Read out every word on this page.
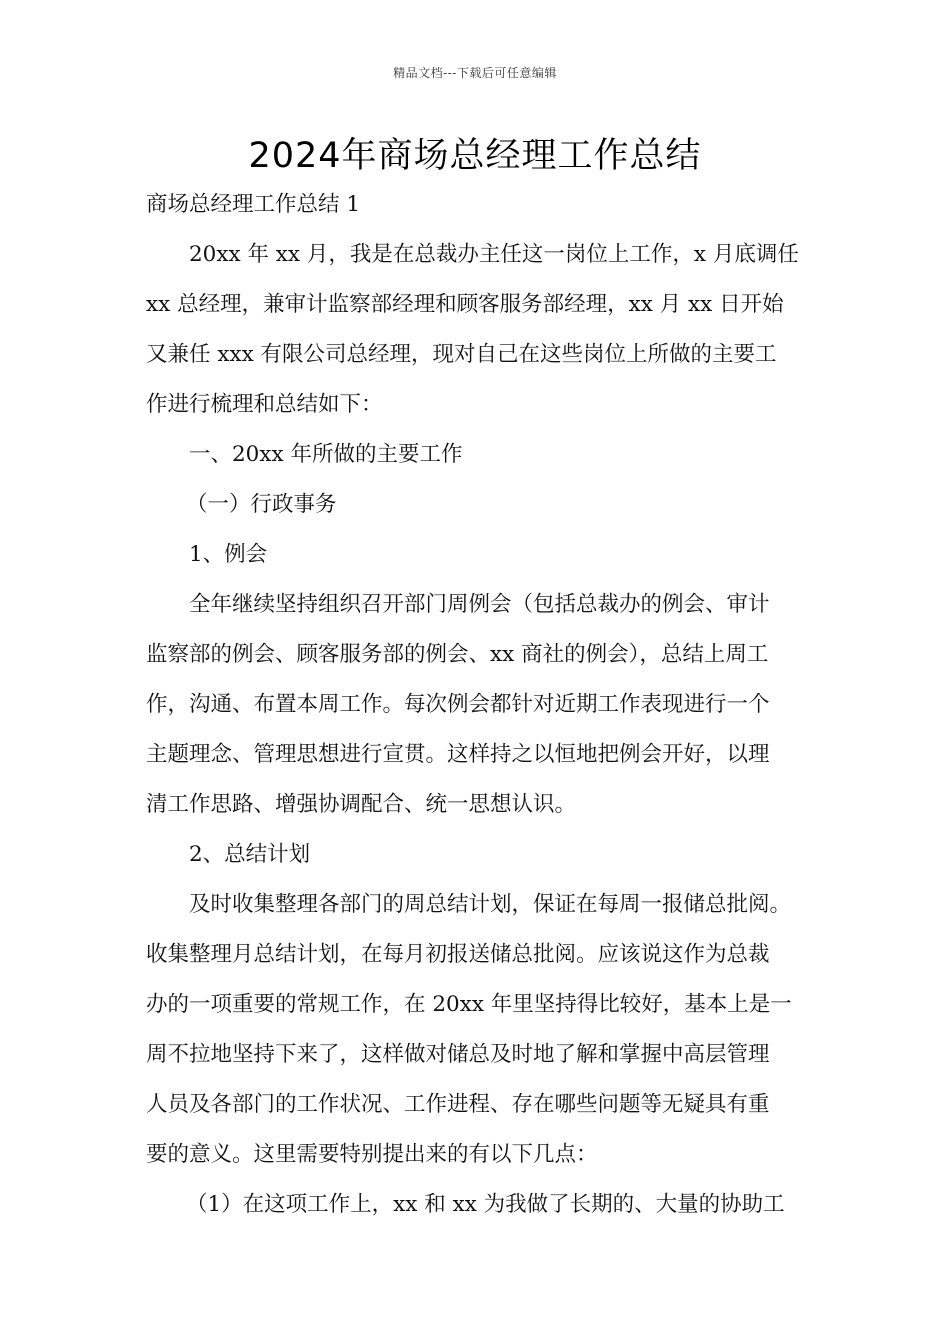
精品文档---下载后可任意编辑
2024年商场总经理工作总结
商场总经理工作总结 1
20xx 年 xx 月，我是在总裁办主任这一岗位上工作，x 月底调任
xx 总经理，兼审计监察部经理和顾客服务部经理，xx 月 xx 日开始
又兼任 xxx 有限公司总经理，现对自己在这些岗位上所做的主要工
作进行梳理和总结如下：
一、20xx 年所做的主要工作
（一）行政事务
1、例会
全年继续坚持组织召开部门周例会（包括总裁办的例会、审计
监察部的例会、顾客服务部的例会、xx 商社的例会），总结上周工
作，沟通、布置本周工作。每次例会都针对近期工作表现进行一个
主题理念、管理思想进行宣贯。这样持之以恒地把例会开好，以理
清工作思路、增强协调配合、统一思想认识。
2、总结计划
及时收集整理各部门的周总结计划，保证在每周一报储总批阅。
收集整理月总结计划，在每月初报送储总批阅。应该说这作为总裁
办的一项重要的常规工作，在 20xx 年里坚持得比较好，基本上是一
周不拉地坚持下来了，这样做对储总及时地了解和掌握中高层管理
人员及各部门的工作状况、工作进程、存在哪些问题等无疑具有重
要的意义。这里需要特别提出来的有以下几点：
（1）在这项工作上，xx 和 xx 为我做了长期的、大量的协助工
